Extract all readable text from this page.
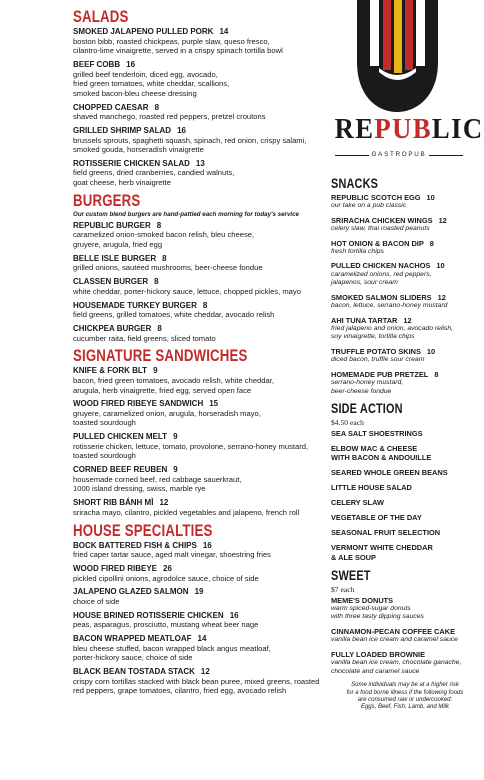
SALADS
SMOKED JALAPENO PULLED PORK 14
boston bibb, roasted chickpeas, purple slaw, queso fresco,
cilantro-lime vinaigrette, served in a crispy spinach tortilla bowl
BEEF COBB 16
grilled beef tenderloin, diced egg, avocado,
fried green tomatoes, white cheddar, scallions,
smoked bacon-bleu cheese dressing
CHOPPED CAESAR 8
shaved manchego, roasted red peppers, pretzel croutons
GRILLED SHRIMP SALAD 16
brussels sprouts, spaghetti squash, spinach, red onion, crispy salami,
smoked gouda, horseradish vinaigrette
ROTISSERIE CHICKEN SALAD 13
field greens, dried cranberries, candied walnuts,
goat cheese, herb vinaigrette
BURGERS
Our custom blend burgers are hand-pattied each morning for today's service
REPUBLIC BURGER 8
caramelized onion-smoked bacon relish, bleu cheese,
gruyere, arugula, fried egg
BELLE ISLE BURGER 8
grilled onions, sautéed mushrooms, beer-cheese fondue
CLASSEN BURGER 8
white cheddar, porter-hickory sauce, lettuce, chopped pickles, mayo
HOUSEMADE TURKEY BURGER 8
field greens, grilled tomatoes, white cheddar, avocado relish
CHICKPEA BURGER 8
cucumber raita, field greens, sliced tomato
SIGNATURE SANDWICHES
KNIFE & FORK BLT 9
bacon, fried green tomatoes, avocado relish, white cheddar,
arugula, herb vinaigrette, fried egg, served open face
WOOD FIRED RIBEYE SANDWICH 15
gruyere, caramelized onion, arugula, horseradish mayo,
toasted sourdough
PULLED CHICKEN MELT 9
rotisserie chicken, lettuce, tomato, provolone, serrano-honey mustard,
toasted sourdough
CORNED BEEF REUBEN 9
housemade corned beef, red cabbage sauerkraut,
1000 island dressing, swiss, marble rye
SHORT RIB BÁNH MÌ 12
sriracha mayo, cilantro, pickled vegetables and jalapeno, french roll
HOUSE SPECIALTIES
BOCK BATTERED FISH & CHIPS 16
fried caper tartar sauce, aged malt vinegar, shoestring fries
WOOD FIRED RIBEYE 26
pickled cipollini onions, agrodolce sauce, choice of side
JALAPENO GLAZED SALMON 19
choice of side
HOUSE BRINED ROTISSERIE CHICKEN 16
peas, asparagus, prosciutto, mustang wheat beer nage
BACON WRAPPED MEATLOAF 14
bleu cheese stuffed, bacon wrapped black angus meatloaf,
porter-hickory sauce, choice of side
BLACK BEAN TOSTADA STACK 12
crispy corn tortillas stacked with black bean puree, mixed greens, roasted
red peppers, grape tomatoes, cilantro, fried egg, avocado relish
REPUBLIC
GASTROPUB
SNACKS
REPUBLIC SCOTCH EGG 10
our take on a pub classic
SRIRACHA CHICKEN WINGS 12
celery slaw, thai roasted peanuts
HOT ONION & BACON DIP 8
fresh tortilla chips
PULLED CHICKEN NACHOS 10
caramelized onions, red peppers,
jalapenos, sour cream
SMOKED SALMON SLIDERS 12
bacon, lettuce, serrano-honey mustard
AHI TUNA TARTAR 12
fried jalapeno and onion, avocado relish,
soy vinaigrette, tortilla chips
TRUFFLE POTATO SKINS 10
diced bacon, truffle sour cream
HOMEMADE PUB PRETZEL 8
serrano-honey mustard,
beer-cheese fondue
SIDE ACTION
$4.50 each
SEA SALT SHOESTRINGS
ELBOW MAC & CHEESE
WITH BACON & ANDOUILLE
SEARED WHOLE GREEN BEANS
LITTLE HOUSE SALAD
CELERY SLAW
VEGETABLE OF THE DAY
SEASONAL FRUIT SELECTION
VERMONT WHITE CHEDDAR
& ALE SOUP
SWEET
$7 each
MEME'S DONUTS
warm spiced-sugar donuts
with three tasty dipping sauces
CINNAMON-PECAN COFFEE CAKE
vanilla bean ice cream and caramel sauce
FULLY LOADED BROWNIE
vanilla bean ice cream, chocolate ganache,
chocolate and caramel sauce
Some individuals may be at a higher risk
for a food borne illness if the following foods
are consumed raw or undercooked:
Eggs, Beef, Fish, Lamb, and Milk
